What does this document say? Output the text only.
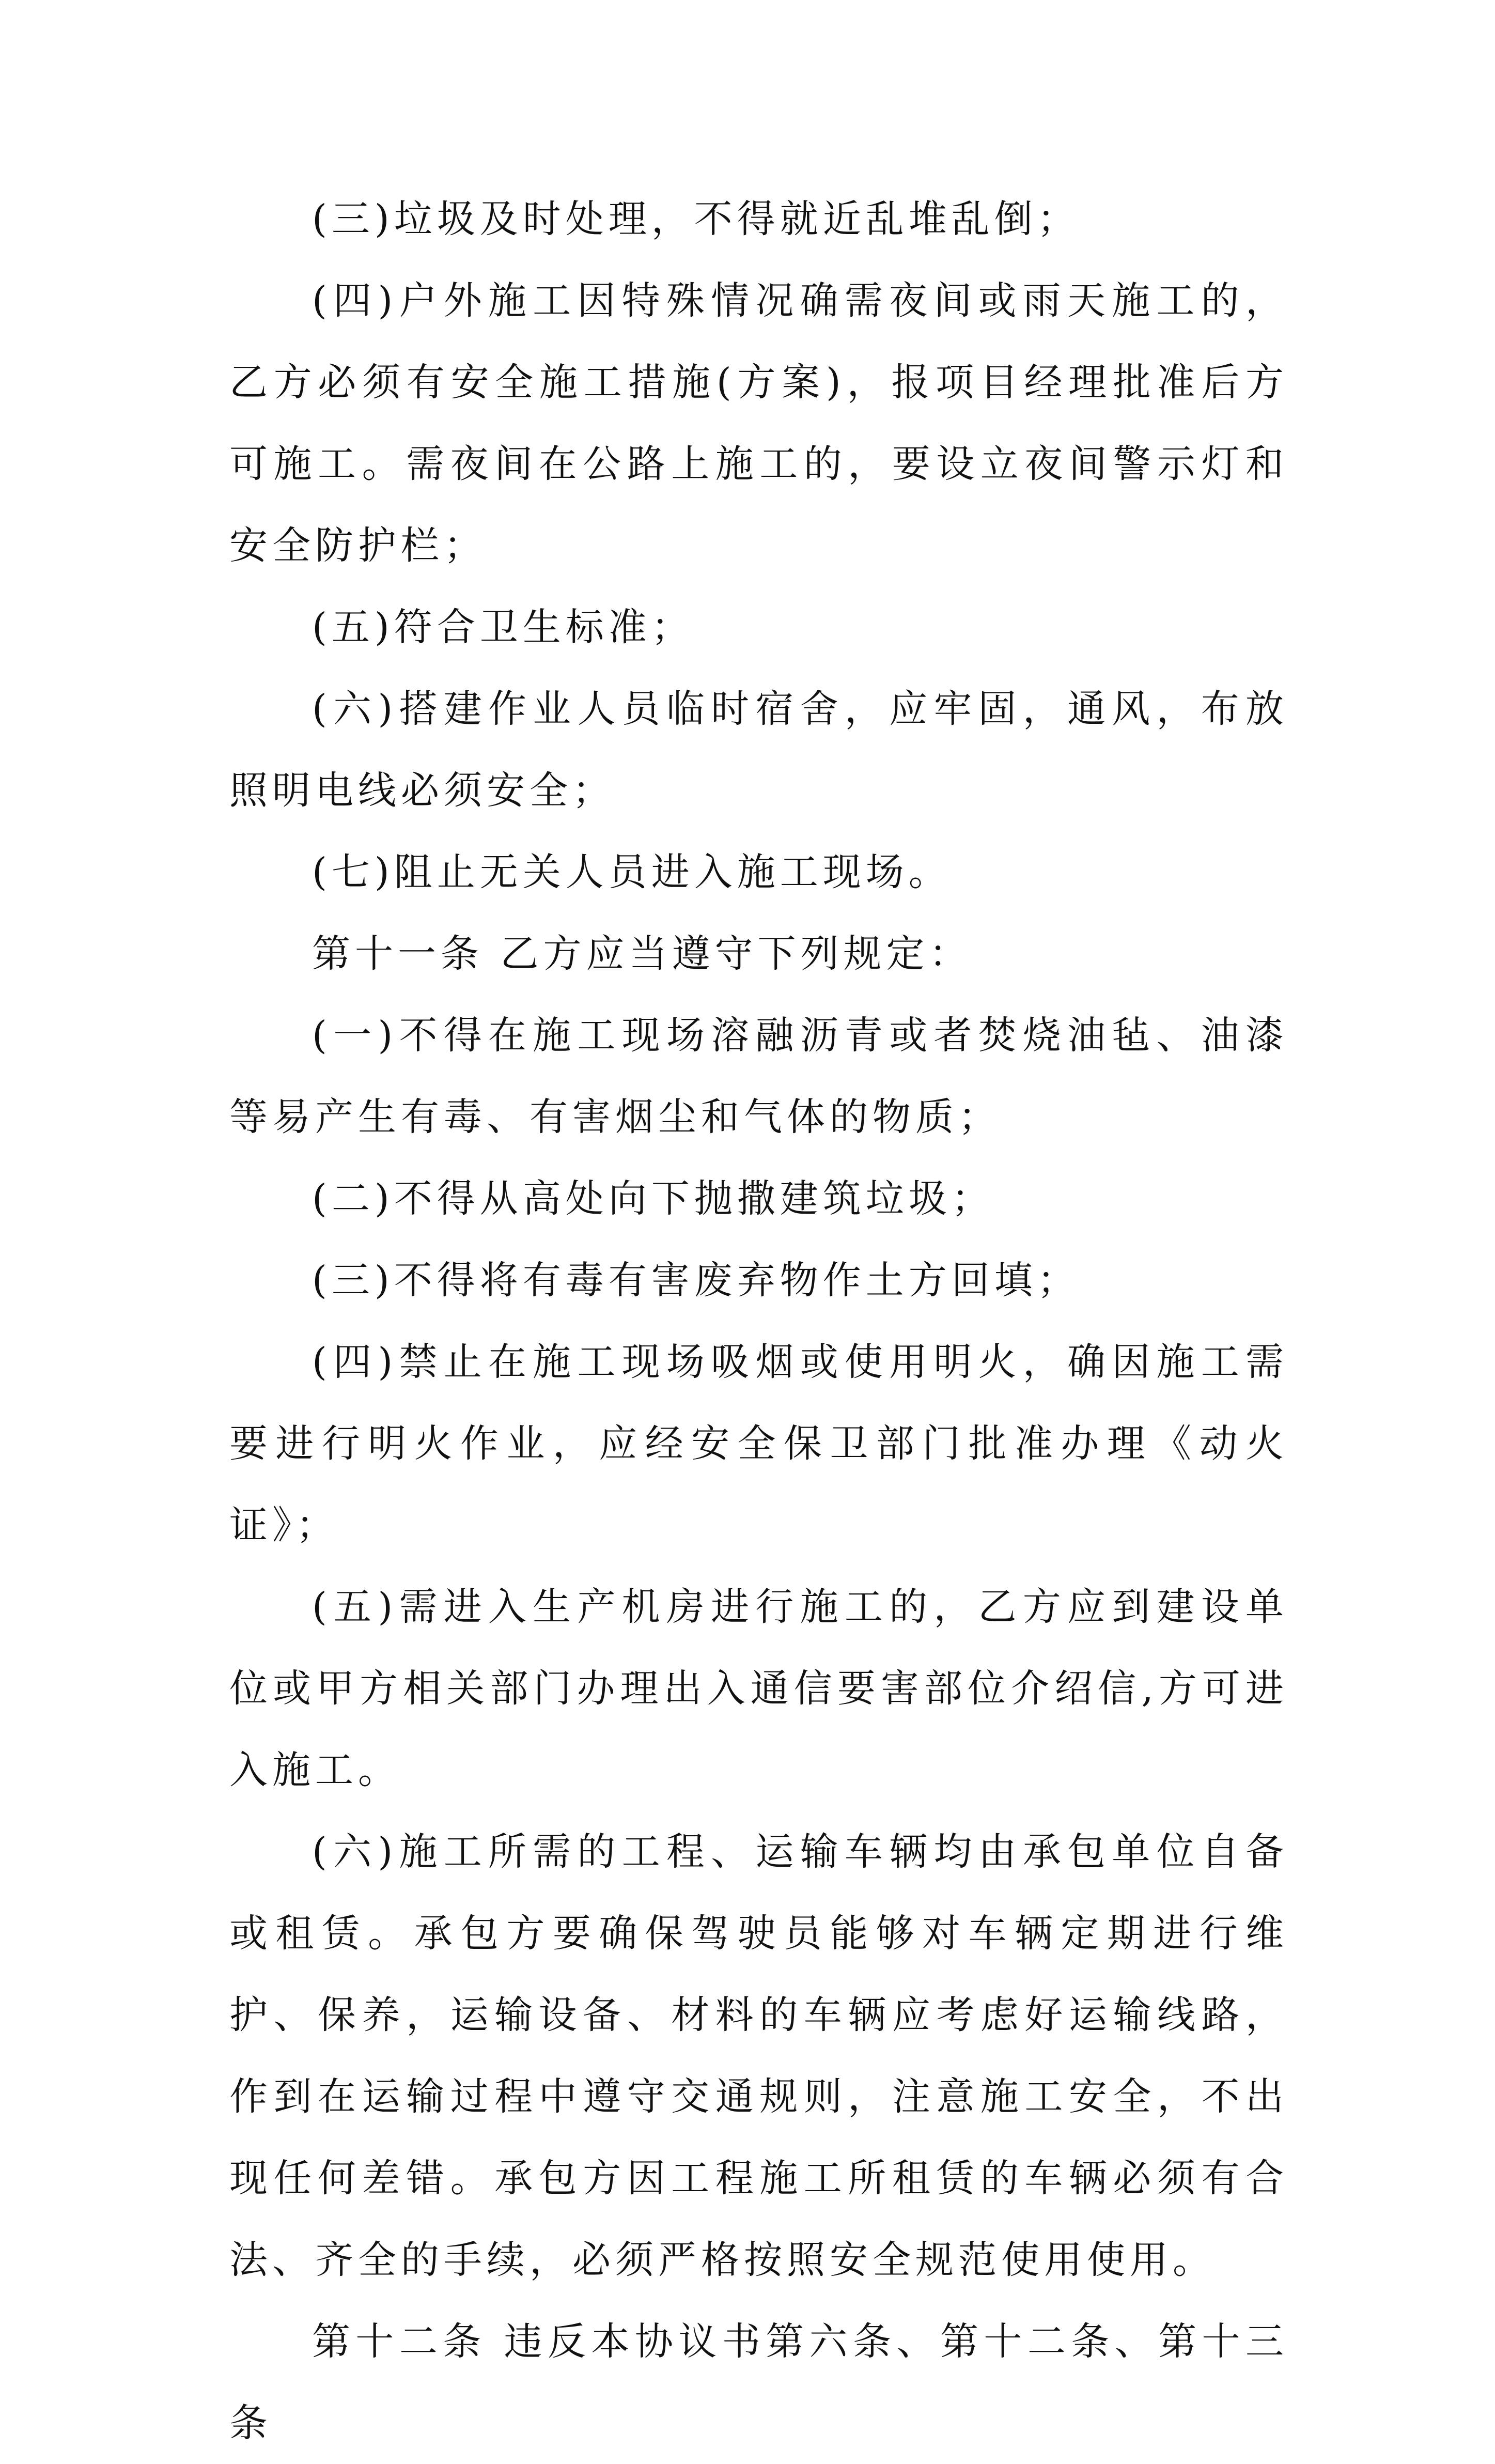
(三)垃圾及时处理，不得就近乱堆乱倒；

(四)户外施工因特殊情况确需夜间或雨天施工的，乙方必须有安全施工措施(方案)，报项目经理批准后方可施工。需夜间在公路上施工的，要设立夜间警示灯和安全防护栏；

(五)符合卫生标准；

(六)搭建作业人员临时宿舍，应牢固，通风，布放照明电线必须安全；

(七)阻止无关人员进入施工现场。

第十一条 乙方应当遵守下列规定：

(一)不得在施工现场溶融沥青或者焚烧油毡、油漆等易产生有毒、有害烟尘和气体的物质；

(二)不得从高处向下抛撒建筑垃圾；

(三)不得将有毒有害废弃物作土方回填；

(四)禁止在施工现场吸烟或使用明火，确因施工需要进行明火作业，应经安全保卫部门批准办理《动火证》；

(五)需进入生产机房进行施工的，乙方应到建设单位或甲方相关部门办理出入通信要害部位介绍信,方可进入施工。

(六)施工所需的工程、运输车辆均由承包单位自备或租赁。承包方要确保驾驶员能够对车辆定期进行维护、保养，运输设备、材料的车辆应考虑好运输线路，作到在运输过程中遵守交通规则，注意施工安全，不出现任何差错。承包方因工程施工所租赁的车辆必须有合法、齐全的手续，必须严格按照安全规范使用使用。

第十二条 违反本协议书第六条、第十二条、第十三条
